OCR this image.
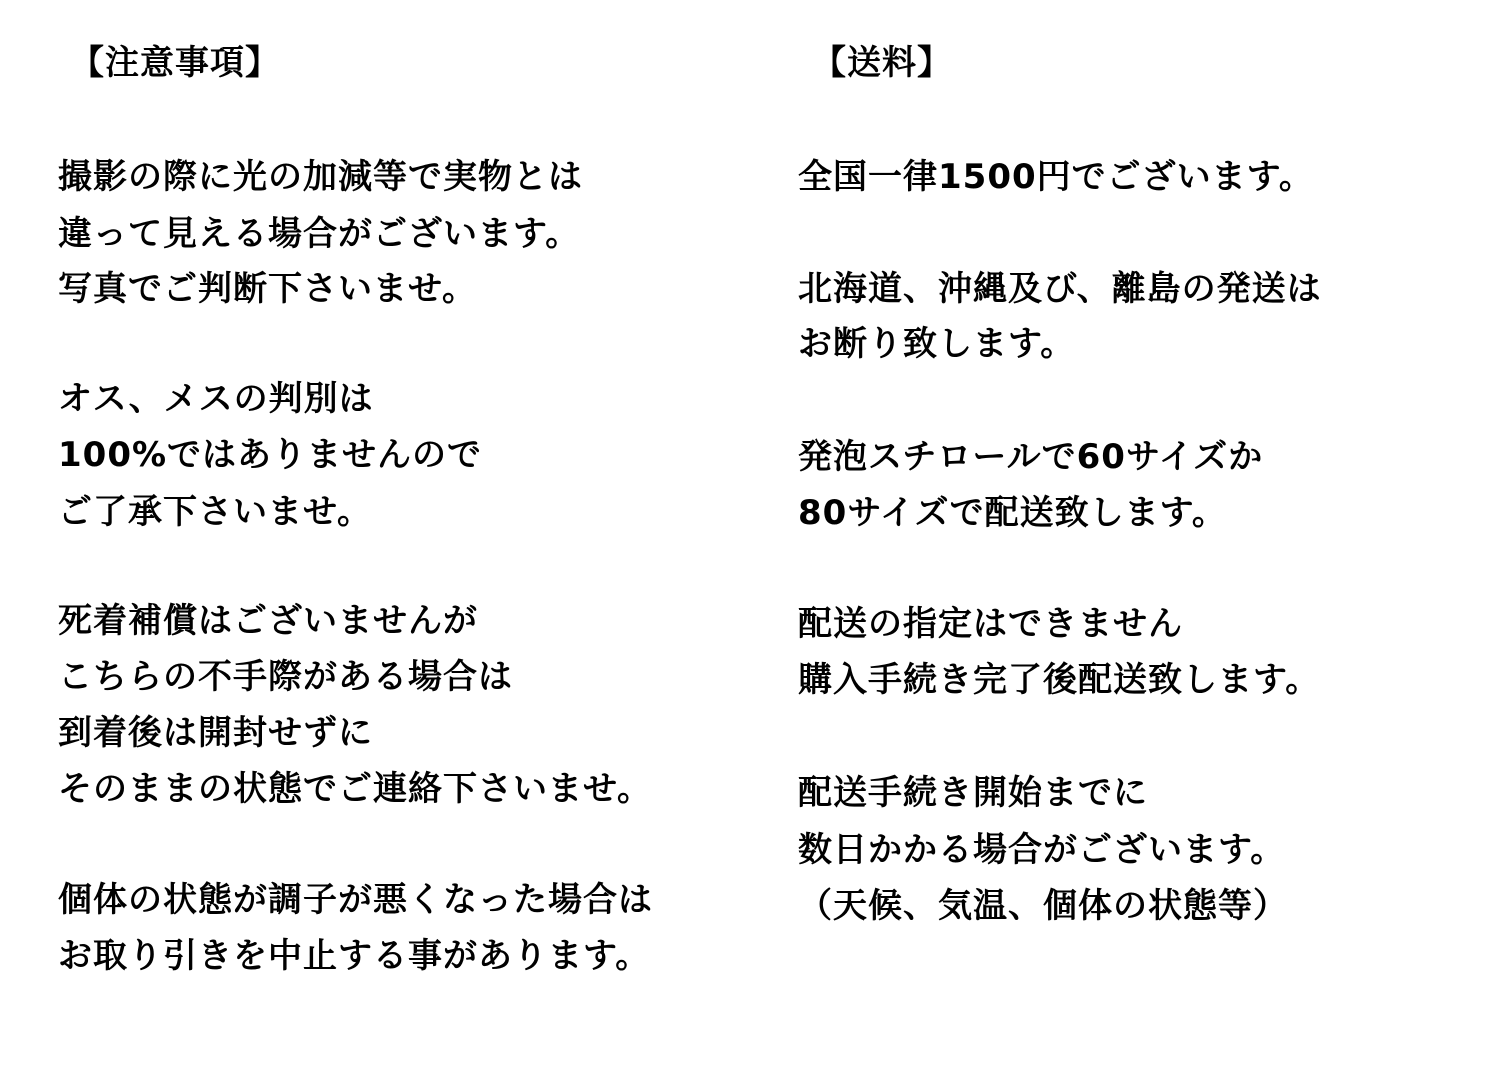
【注意事項】	【送料】
撮影の際に光の加減等で実物とは
違って見える場合がございます。
写真でご判断下さいませ。
オス、メスの判別は
100%ではありませんので
ご了承下さいませ。
死着補償はございませんが
こちらの不手際がある場合は
到着後は開封せずに
そのままの状態でご連絡下さいませ。
個体の状態が調子が悪くなった場合は
お取り引きを中止する事があります。
全国一律1500円でございます。
北海道、沖縄及び、離島の発送は
お断り致します。
発泡スチロールで60サイズか
80サイズで配送致します。
配送の指定はできません
購入手続き完了後配送致します。
配送手続き開始までに
数日かかる場合がございます。
（天候、気温、個体の状態等）
